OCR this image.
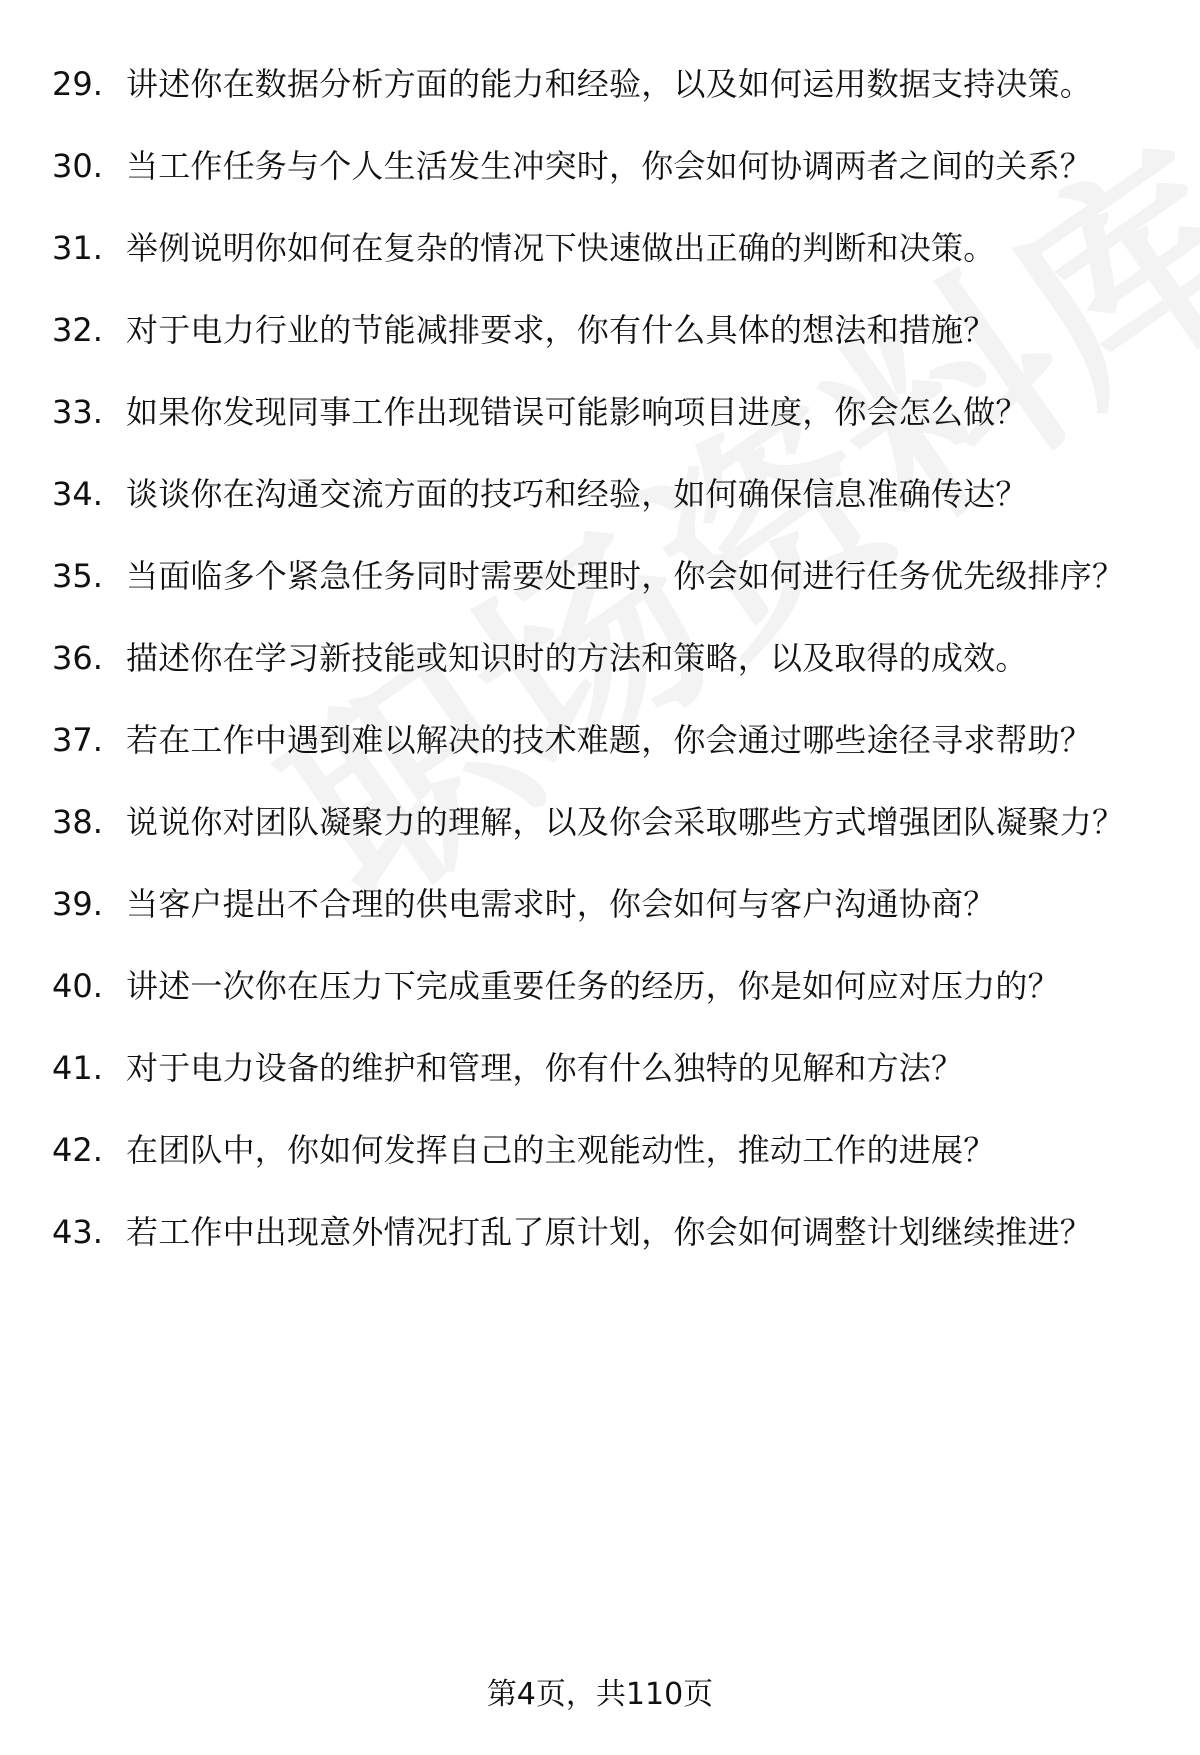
29. 讲述你在数据分析方面的能力和经验，以及如何运用数据支持决策。
30. 当工作任务与个人生活发生冲突时，你会如何协调两者之间的关系？
31. 举例说明你如何在复杂的情况下快速做出正确的判断和决策。
32. 对于电力行业的节能减排要求，你有什么具体的想法和措施？
33. 如果你发现同事工作出现错误可能影响项目进度，你会怎么做？
34. 谈谈你在沟通交流方面的技巧和经验，如何确保信息准确传达？
35. 当面临多个紧急任务同时需要处理时，你会如何进行任务优先级排序？
36. 描述你在学习新技能或知识时的方法和策略，以及取得的成效。
37. 若在工作中遇到难以解决的技术难题，你会通过哪些途径寻求帮助？
38. 说说你对团队凝聚力的理解，以及你会采取哪些方式增强团队凝聚力？
39. 当客户提出不合理的供电需求时，你会如何与客户沟通协商？
40. 讲述一次你在压力下完成重要任务的经历，你是如何应对压力的？
41. 对于电力设备的维护和管理，你有什么独特的见解和方法？
42. 在团队中，你如何发挥自己的主观能动性，推动工作的进展？
43. 若工作中出现意外情况打乱了原计划，你会如何调整计划继续推进？
第4页，共110页
